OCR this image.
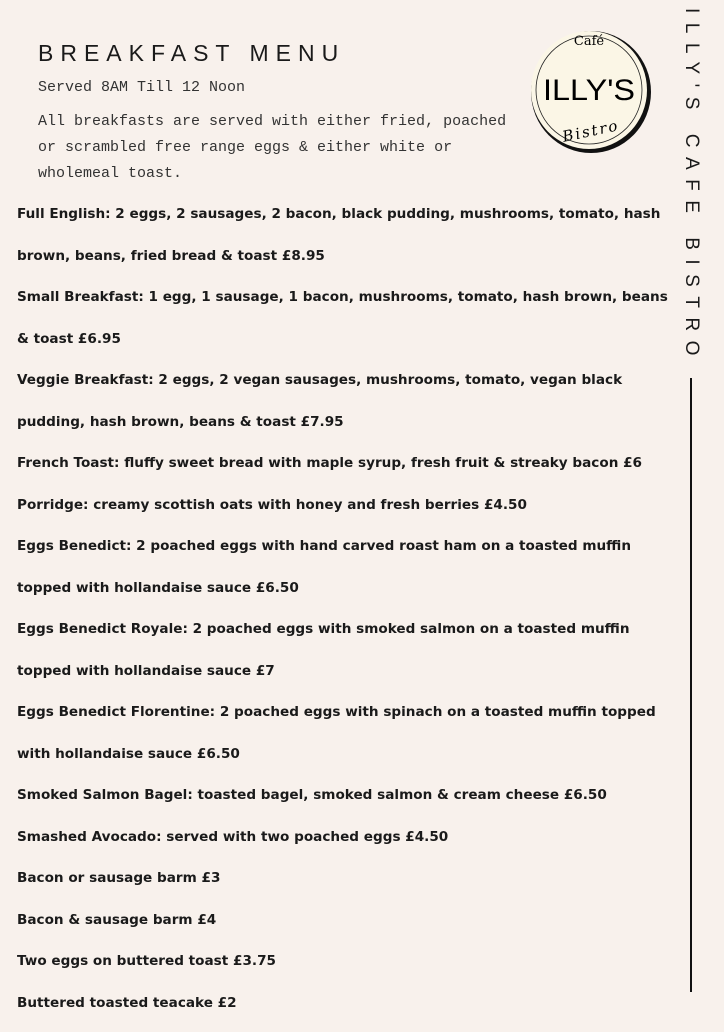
BREAKFAST MENU
Served 8AM Till 12 Noon
All breakfasts are served with either fried, poached or scrambled free range eggs & either white or wholemeal toast.
Café
ILLY'S
Bistro	ILLY'S CAFE BISTRO
Full English: 2 eggs, 2 sausages, 2 bacon, black pudding, mushrooms, tomato, hash
brown, beans, fried bread & toast £8.95
Small Breakfast: 1 egg, 1 sausage, 1 bacon, mushrooms, tomato, hash brown, beans
& toast £6.95
Veggie Breakfast: 2 eggs, 2 vegan sausages, mushrooms, tomato, vegan black
pudding, hash brown, beans & toast £7.95
French Toast: fluffy sweet bread with maple syrup, fresh fruit & streaky bacon £6
Porridge: creamy scottish oats with honey and fresh berries £4.50
Eggs Benedict: 2 poached eggs with hand carved roast ham on a toasted muffin
topped with hollandaise sauce £6.50
Eggs Benedict Royale: 2 poached eggs with smoked salmon on a toasted muffin
topped with hollandaise sauce £7
Eggs Benedict Florentine: 2 poached eggs with spinach on a toasted muffin topped
with hollandaise sauce £6.50
Smoked Salmon Bagel: toasted bagel, smoked salmon & cream cheese £6.50
Smashed Avocado: served with two poached eggs £4.50
Bacon or sausage barm £3
Bacon & sausage barm £4
Two eggs on buttered toast £3.75
Buttered toasted teacake £2
